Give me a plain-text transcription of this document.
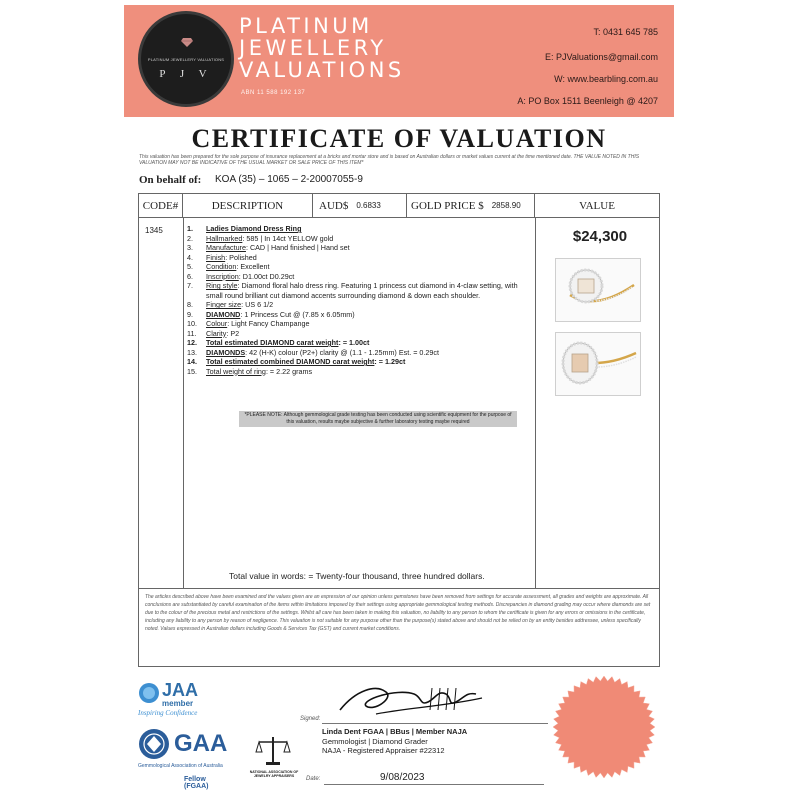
PLATINUM JEWELLERY VALUATIONS
P J V
PLATINUM
JEWELLERY
VALUATIONS
ABN 11 588 192 137
T: 0431 645 785
E: PJValuations@gmail.com
W: www.bearbling.com.au
A: PO Box 1511 Beenleigh @ 4207
CERTIFICATE OF VALUATION
This valuation has been prepared for the sole purpose of insurance replacement at a bricks and mortar store and is based on Australian dollars or market values current at the time mentioned date. THE VALUE NOTED IN THIS VALUATION MAY NOT BE INDICATIVE OF THE USUAL MARKET OR SALE PRICE OF THIS ITEM*
On behalf of: KOA (35) – 1065 – 2-20007055-9
CODE#	DESCRIPTION	AUD$ 0.6833	GOLD PRICE $ 2858.90	VALUE
1345	1.	Ladies Diamond Dress Ring
2.	Hallmarked: 585 | In 14ct YELLOW gold
3.	Manufacture: CAD | Hand finished | Hand set
4.	Finish: Polished
5.	Condition: Excellent
6.	Inscription: D1.00ct D0.29ct
7.	Ring style: Diamond floral halo dress ring. Featuring 1 princess cut diamond in 4-claw setting, with small round brilliant cut diamond accents surrounding diamond & down each shoulder.
8.	Finger size: US 6 1/2
9.	DIAMOND: 1 Princess Cut @ (7.85 x 6.05mm)
10.	Colour: Light Fancy Champange
11.	Clarity: P2
12.	Total estimated DIAMOND carat weight: = 1.00ct
13.	DIAMONDS: 42 (H-K) colour (P2+) clarity @ (1.1 - 1.25mm) Est. = 0.29ct
14.	Total estimated combined DIAMOND carat weight: = 1.29ct
15.	Total weight of ring: = 2.22 grams
*PLEASE NOTE: Although gemmological grade testing has been conducted using scientific equipment for the purpose of this valuation, results maybe subjective & further laboratory testing maybe required
$24,300
Total value in words: = Twenty-four thousand, three hundred dollars.
The articles described above have been examined and the values given are an expression of our opinion unless gemstones have been removed from settings for accurate assessment, all grades and weights are approximate. All conclusions are substantiated by careful examination of the items within limitations imposed by their settings using appropriate gemmological testing methods. Discrepancies in diamond grading may occur where diamonds are set due to the colour of the precious metal and restrictions of the settings. Whilst all care has been taken in making this valuation, no liability to any person to whom the certificate is given for any errors or omissions in the certificate, including any liability to any person by reason of negligence. This valuation is not suitable for any purpose other than the purpose(s) stated above and should not be relied on by an entity besides addressee, unless specifically noted. Values expressed in Australian dollars including Goods & Services Tax (GST) and current market conditions.
JAA
member
Inspiring Confidence
GAA
Gemmological Association of Australia
Fellow (FGAA)
NATIONAL ASSOCIATION OF JEWELRY APPRAISERS
Signed:
Linda Dent FGAA | BBus | Member NAJA
Gemmologist | Diamond Grader
NAJA - Registered Appraiser #22312
Date:	9/08/2023
